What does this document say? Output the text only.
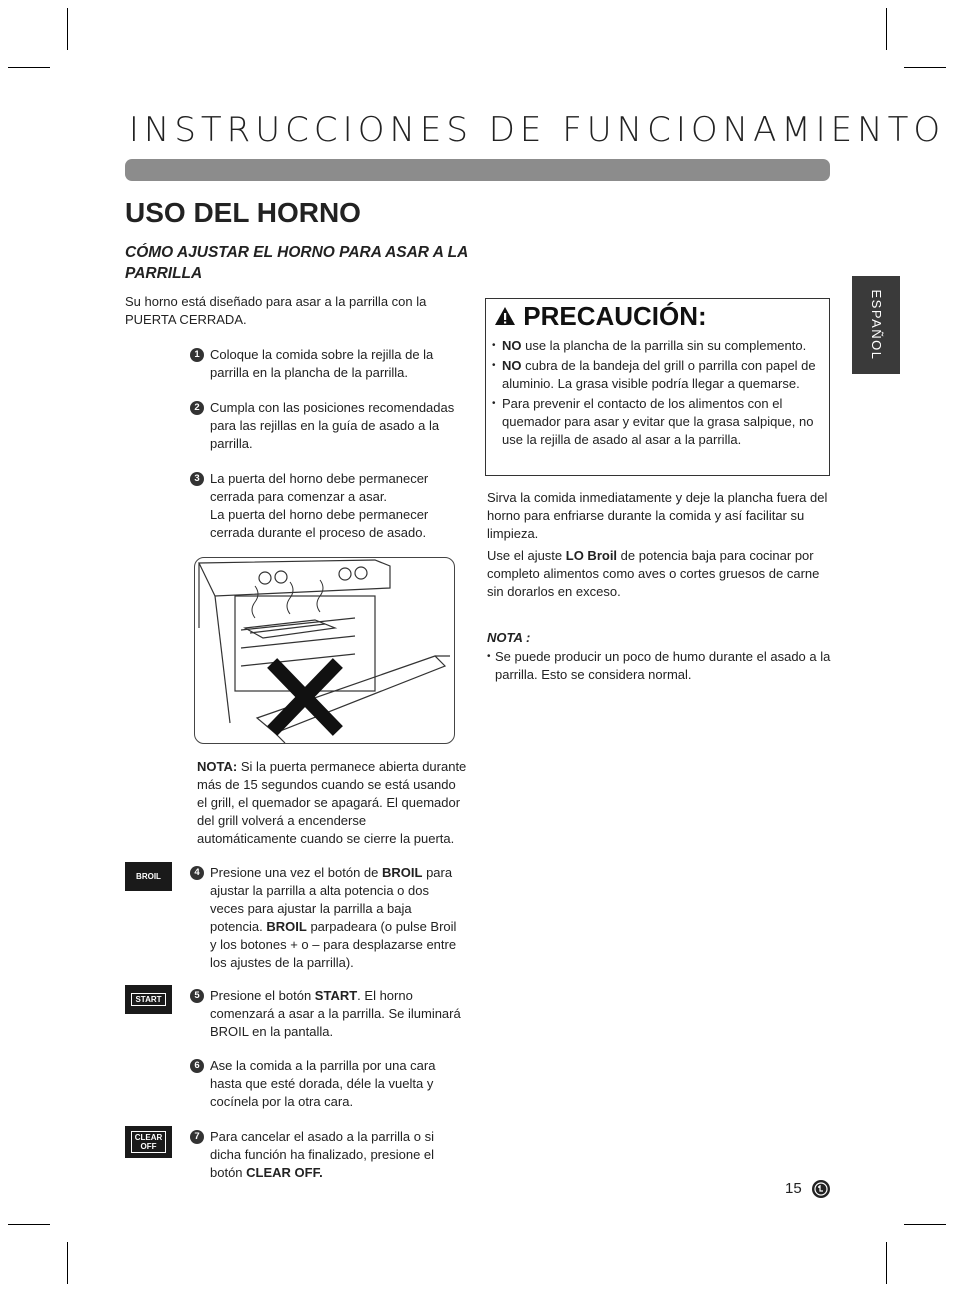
INSTRUCCIONES DE FUNCIONAMIENTO
ESPAÑOL
USO DEL HORNO
CÓMO AJUSTAR EL HORNO PARA ASAR A LA PARRILLA
Su horno está diseñado para asar a la parrilla con la PUERTA CERRADA.
1 Coloque la comida sobre la rejilla de la parrilla en la plancha de la parrilla.
2 Cumpla con las posiciones recomendadas para las rejillas en la guía de asado a la parrilla.
3 La puerta del horno debe permanecer cerrada para comenzar a asar.
La puerta del horno debe permanecer cerrada durante el proceso de asado.
NOTA: Si la puerta permanece abierta durante más de 15 segundos cuando se está usando el grill, el quemador se apagará. El quemador del grill volverá a encenderse automáticamente cuando se cierre la puerta.
BROIL
START
CLEAR
OFF
4 Presione una vez el botón de BROIL para ajustar la parrilla a alta potencia o dos veces para ajustar la parrilla a baja potencia. BROIL parpadeara (o pulse Broil y los botones + o – para desplazarse entre los ajustes de la parrilla).
5 Presione el botón START. El horno comenzará a asar a la parrilla. Se iluminará BROIL en la pantalla.
6 Ase la comida a la parrilla por una cara hasta que esté dorada, déle la vuelta y cocínela por la otra cara.
7 Para cancelar el asado a la parrilla o si dicha función ha finalizado, presione el botón CLEAR OFF.
PRECAUCIÓN:
• NO use la plancha de la parrilla sin su complemento.
• NO cubra de la bandeja del grill o parrilla con papel de aluminio. La grasa visible podría llegar a quemarse.
• Para prevenir el contacto de los alimentos con el quemador para asar y evitar que la grasa salpique, no use la rejilla de asado al asar a la parrilla.
Sirva la comida inmediatamente y deje la plancha fuera del horno para enfriarse durante la comida y así facilitar su limpieza.
Use el ajuste LO Broil de potencia baja para cocinar por completo alimentos como aves o cortes gruesos de carne sin dorarlos en exceso.
NOTA :
• Se puede producir un poco de humo durante el asado a la parrilla. Esto se considera normal.
15
